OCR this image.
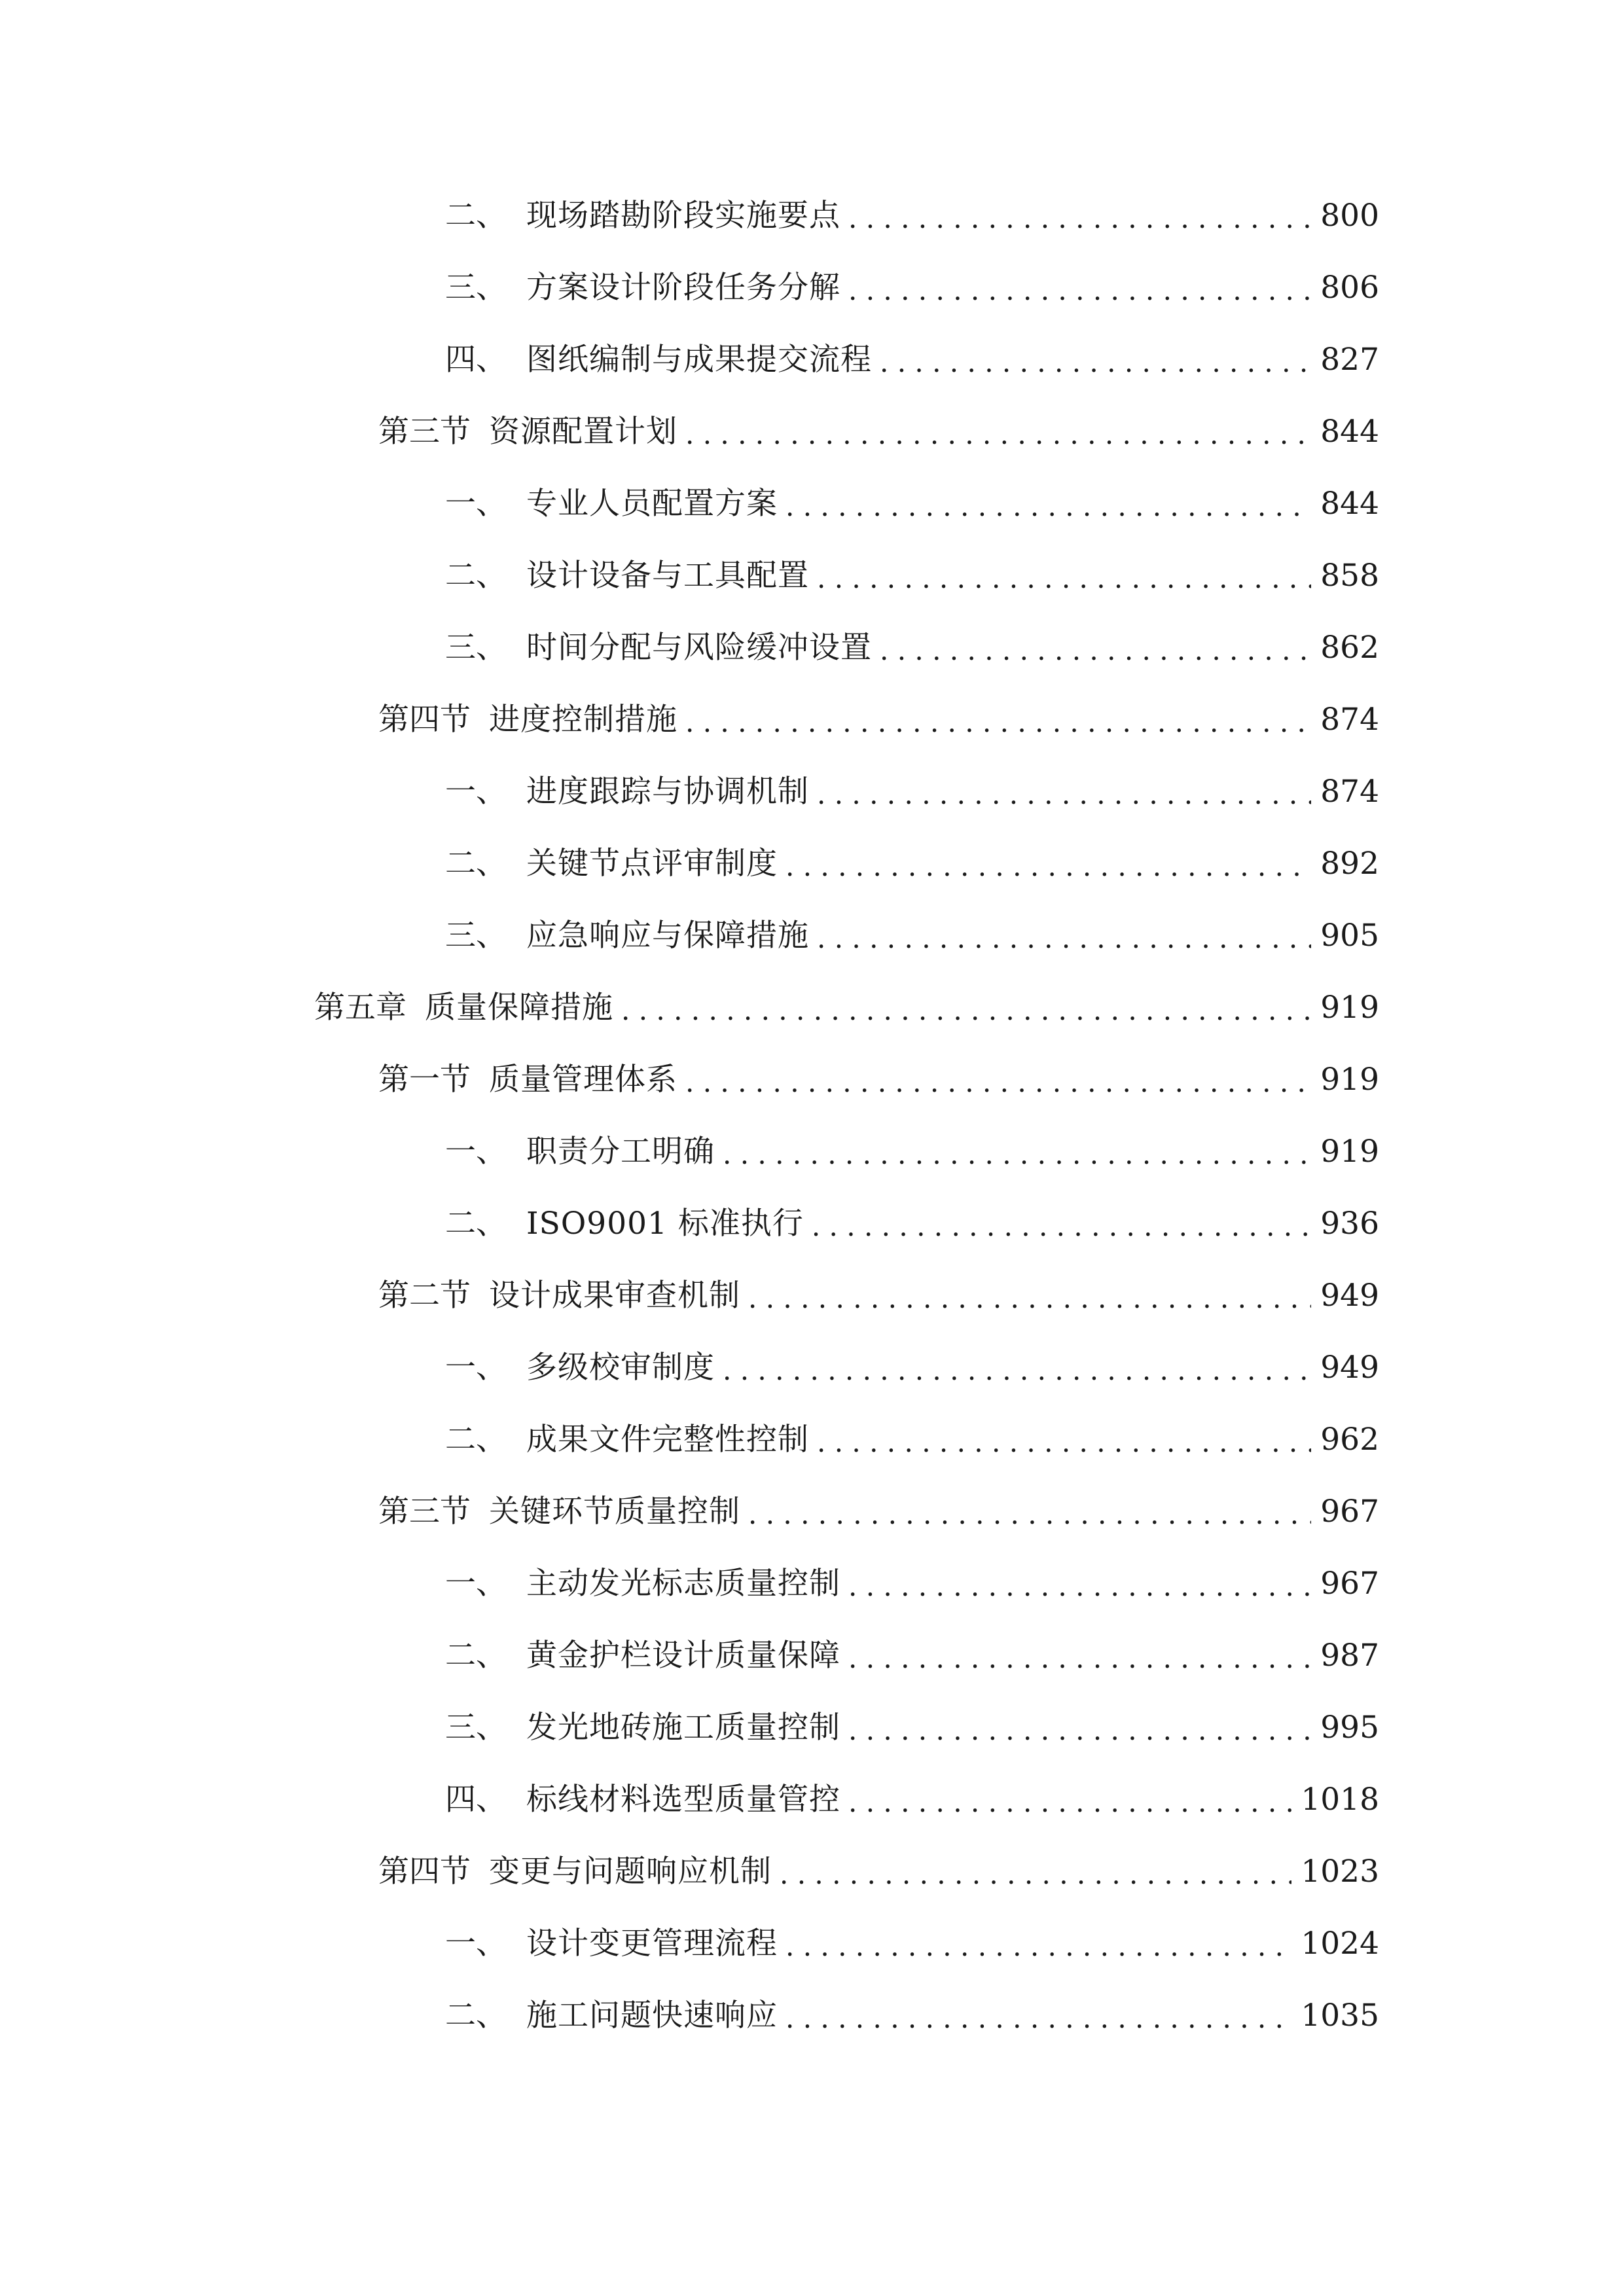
二、 现场踏勘阶段实施要点 . . .	800
三、 方案设计阶段任务分解 . . .	806
四、 图纸编制与成果提交流程 . . .	827
第三节 资源配置计划 . . .	844
一、 专业人员配置方案 . . .	844
二、 设计设备与工具配置 . . .	858
三、 时间分配与风险缓冲设置 . . .	862
第四节 进度控制措施 . . .	874
一、 进度跟踪与协调机制 . . .	874
二、 关键节点评审制度 . . .	892
三、 应急响应与保障措施 . . .	905
第五章 质量保障措施 . . .	919
第一节 质量管理体系 . . .	919
一、 职责分工明确 . . .	919
二、 ISO9001 标准执行 . . .	936
第二节 设计成果审查机制 . . .	949
一、 多级校审制度 . . .	949
二、 成果文件完整性控制 . . .	962
第三节 关键环节质量控制 . . .	967
一、 主动发光标志质量控制 . . .	967
二、 黄金护栏设计质量保障 . . .	987
三、 发光地砖施工质量控制 . . .	995
四、 标线材料选型质量管控 . . .	1018
第四节 变更与问题响应机制 . . .	1023
一、 设计变更管理流程 . . .	1024
二、 施工问题快速响应 . . .	1035
